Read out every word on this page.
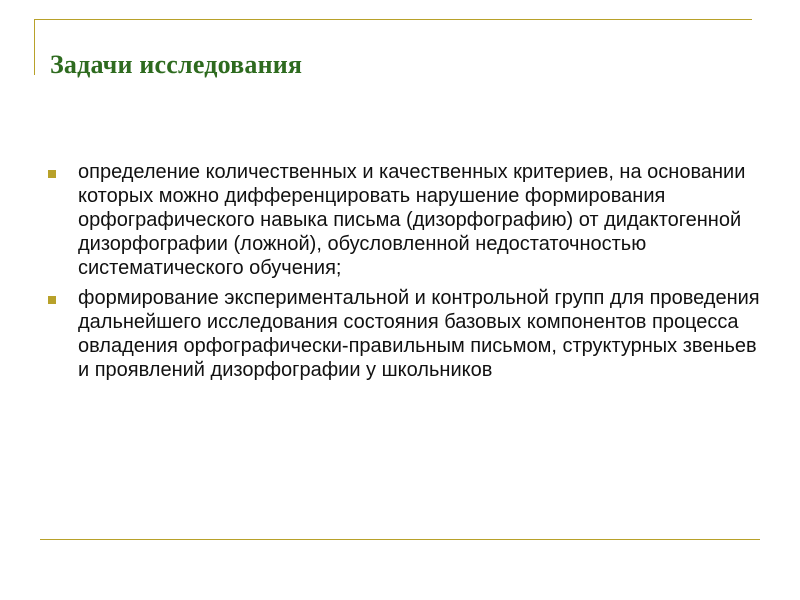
Задачи исследования
определение количественных и качественных критериев, на основании которых можно дифференцировать нарушение формирования орфографического навыка письма (дизорфографию) от дидактогенной дизорфографии (ложной), обусловленной недостаточностью систематического обучения;
формирование экспериментальной и контрольной групп для проведения дальнейшего исследования состояния базовых компонентов процесса овладения орфографически-правильным письмом, структурных звеньев и проявлений дизорфографии у школьников
